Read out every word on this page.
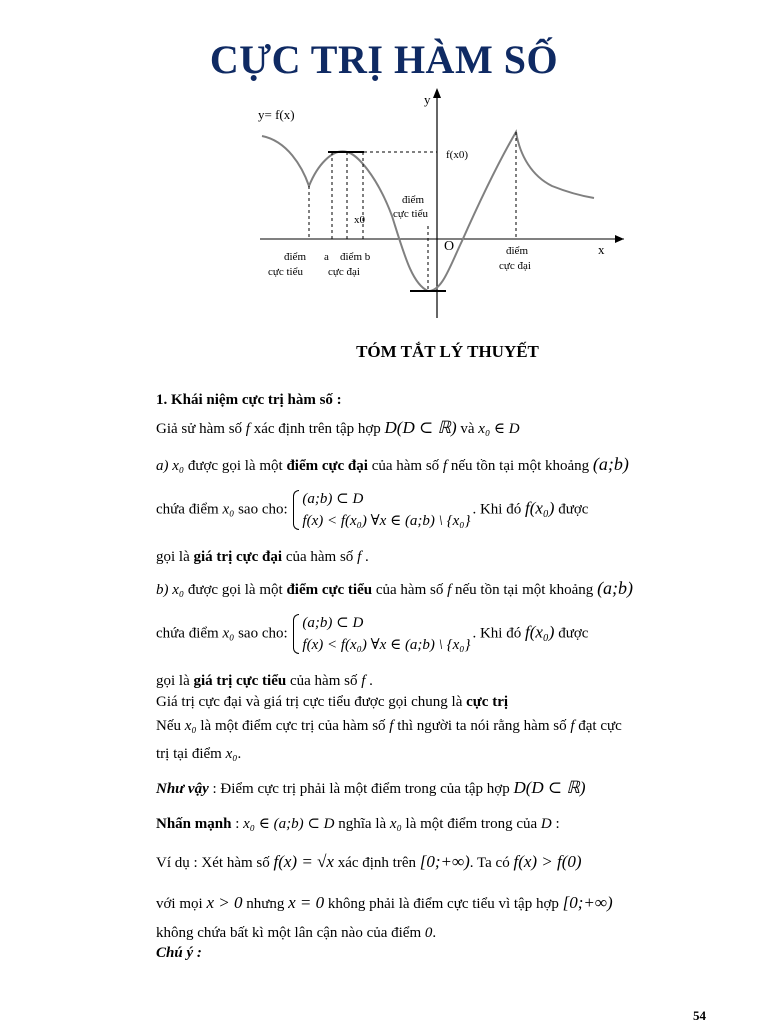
CỰC TRỊ HÀM SỐ
y= f(x)
y
x
O
f(x0)
x0
điểm
cực tiểu
điểm
cực tiểu
a điểm b
cực đại
điểm
cực đại
TÓM TẮT LÝ THUYẾT
1. Khái niệm cực trị hàm số :
Giả sử hàm số f xác định trên tập hợp D(D ⊂ ℝ) và x₀ ∈ D
a) x₀ được gọi là một điểm cực đại của hàm số f nếu tồn tại một khoảng (a;b)
chứa điểm x₀ sao cho:
(a;b) ⊂ D
f(x) < f(x₀) ∀x ∈ (a;b) \ {x₀}
. Khi đó f(x₀) được
gọi là giá trị cực đại của hàm số f .
b) x₀ được gọi là một điểm cực tiểu của hàm số f nếu tồn tại một khoảng (a;b)
chứa điểm x₀ sao cho:
(a;b) ⊂ D
f(x) < f(x₀) ∀x ∈ (a;b) \ {x₀}
. Khi đó f(x₀) được
gọi là giá trị cực tiểu của hàm số f .
Giá trị cực đại và giá trị cực tiểu được gọi chung là cực trị
Nếu x₀ là một điểm cực trị của hàm số f thì người ta nói rằng hàm số f đạt cực
trị tại điểm x₀.
Như vậy : Điểm cực trị phải là một điểm trong của tập hợp D(D ⊂ ℝ)
Nhấn mạnh : x₀ ∈ (a;b) ⊂ D nghĩa là x₀ là một điểm trong của D :
Ví dụ : Xét hàm số f(x) = √x xác định trên [0;+∞). Ta có f(x) > f(0)
với mọi x > 0 nhưng x = 0 không phải là điểm cực tiểu vì tập hợp [0;+∞)
không chứa bất kì một lân cận nào của điểm 0.
Chú ý :
54
